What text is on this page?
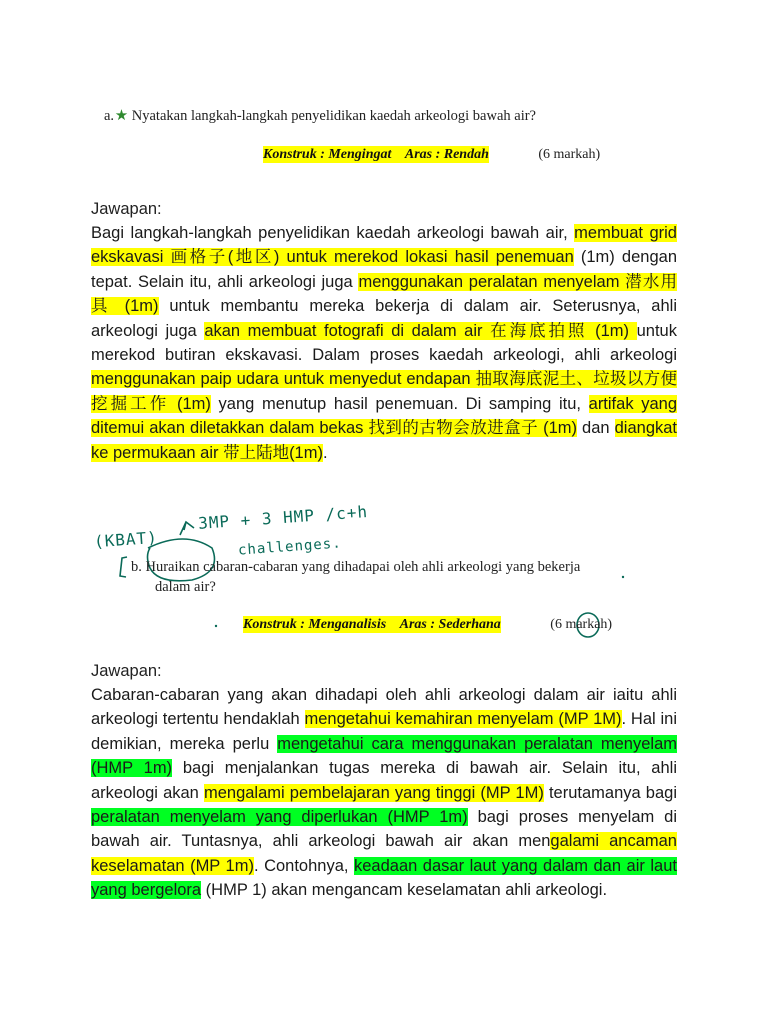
a. ★ Nyatakan langkah-langkah penyelidikan kaedah arkeologi bawah air?
Konstruk : Mengingat    Aras : Rendah	(6 markah)
Jawapan:
Bagi langkah-langkah penyelidikan kaedah arkeologi bawah air, membuat grid ekskavasi 画格子(地区) untuk merekod lokasi hasil penemuan (1m) dengan tepat. Selain itu, ahli arkeologi juga menggunakan peralatan menyelam 潜水用具 (1m) untuk membantu mereka bekerja di dalam air. Seterusnya, ahli arkeologi juga akan membuat fotografi di dalam air 在海底拍照 (1m) untuk merekod butiran ekskavasi. Dalam proses kaedah arkeologi, ahli arkeologi menggunakan paip udara untuk menyedut endapan 抽取海底泥土、垃圾以方便挖掘工作 (1m) yang menutup hasil penemuan. Di samping itu, artifak yang ditemui akan diletakkan dalam bekas 找到的古物会放进盒子 (1m) dan diangkat ke permukaan air 带上陆地(1m).
3MP + 3 HMP /c+h
challenges.
(KBAT)
b. Huraikan cabaran-cabaran yang dihadapai oleh ahli arkeologi yang bekerja
dalam air?
Konstruk : Menganalisis    Aras : Sederhana	(6 markah)
Jawapan:
Cabaran-cabaran yang akan dihadapi oleh ahli arkeologi dalam air iaitu ahli arkeologi tertentu hendaklah mengetahui kemahiran menyelam (MP 1M). Hal ini demikian, mereka perlu mengetahui cara menggunakan peralatan menyelam (HMP 1m) bagi menjalankan tugas mereka di bawah air. Selain itu, ahli arkeologi akan mengalami pembelajaran yang tinggi (MP 1M) terutamanya bagi peralatan menyelam yang diperlukan (HMP 1m) bagi proses menyelam di bawah air. Tuntasnya, ahli arkeologi bawah air akan mengalami ancaman keselamatan (MP 1m). Contohnya, keadaan dasar laut yang dalam dan air laut yang bergelora (HMP 1) akan mengancam keselamatan ahli arkeologi.
